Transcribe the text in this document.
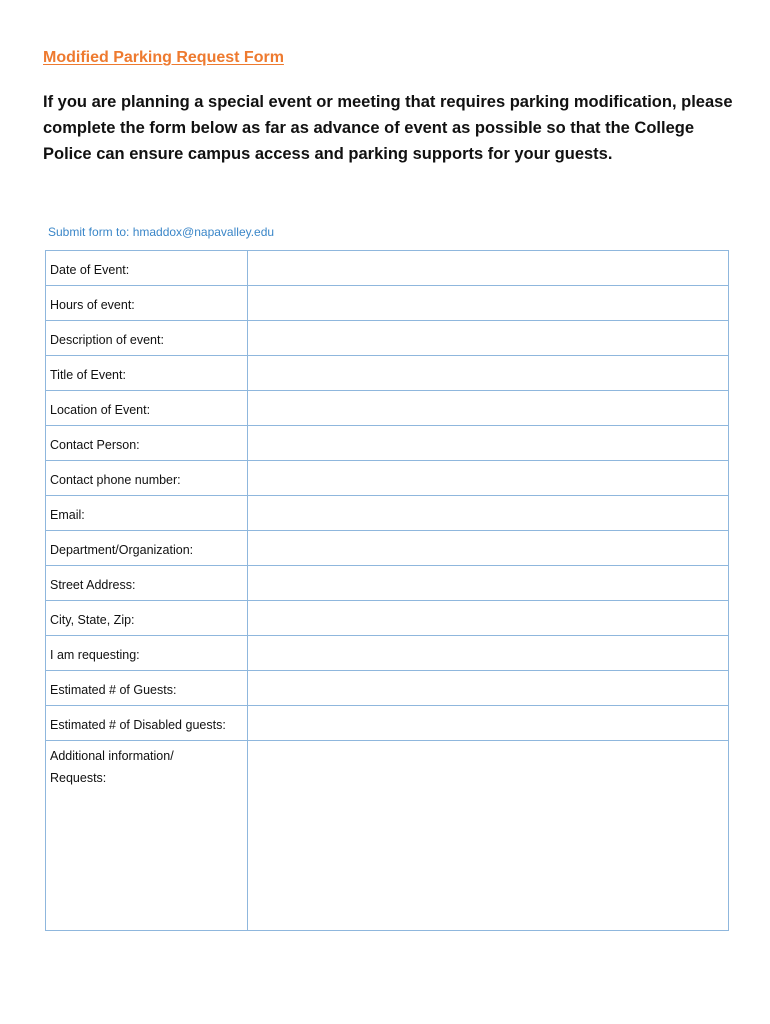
Modified Parking Request Form

If you are planning a special event or meeting that requires parking modification, please complete the form below as far as advance of event as possible so that the College Police can ensure campus access and parking supports for your guests.

Submit form to: hmaddox@napavalley.edu
Date of Event:	
Hours of event:	
Description of event:	
Title of Event:	
Location of Event:	
Contact Person:	
Contact phone number:	
Email:	
Department/Organization:	
Street Address:	
City, State, Zip:	
I am requesting:	
Estimated # of Guests:	
Estimated # of Disabled guests:	
Additional information/
Requests:	
